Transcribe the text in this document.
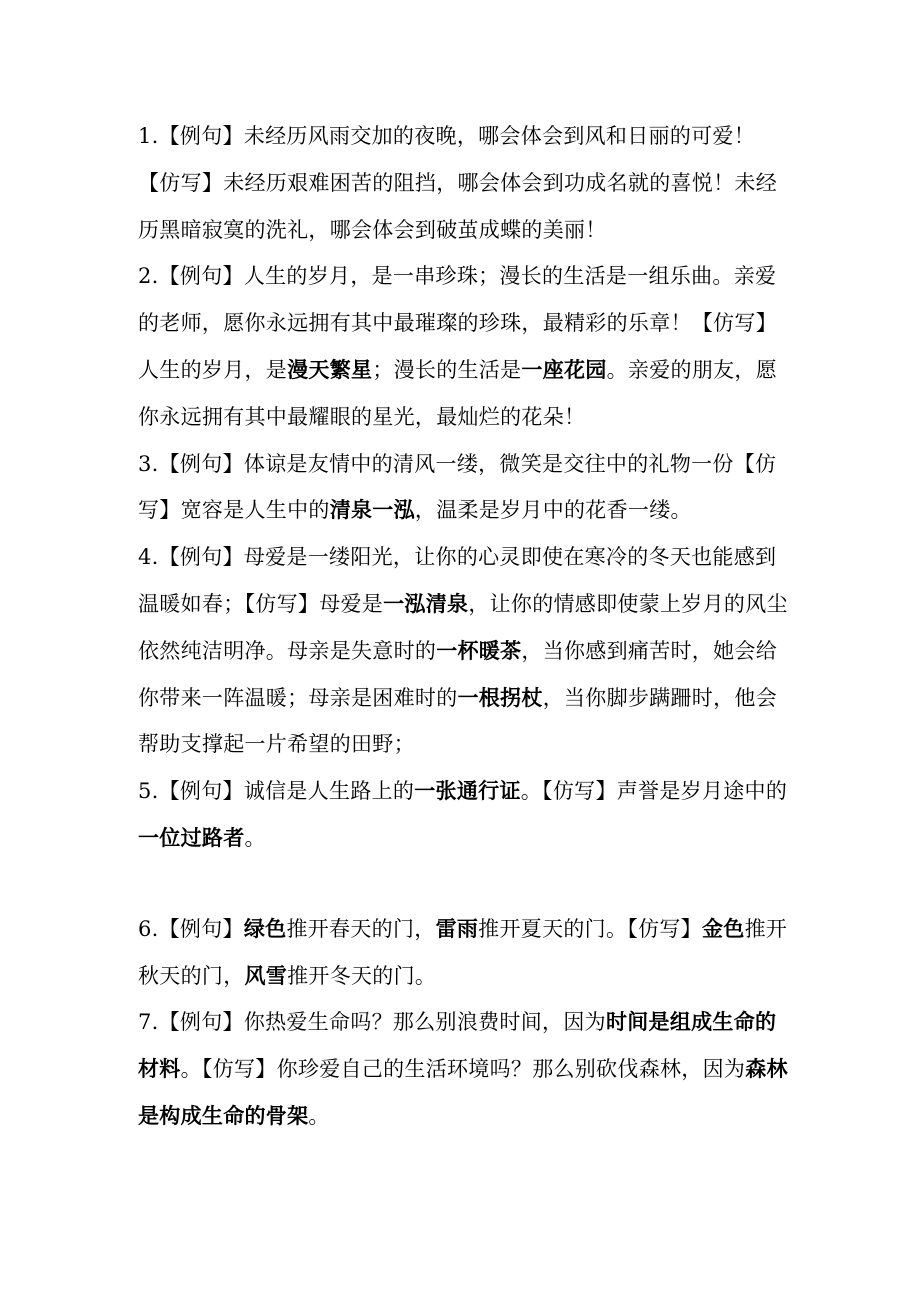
1.【例句】未经历风雨交加的夜晚，哪会体会到风和日丽的可爱！【仿写】未经历艰难困苦的阻挡，哪会体会到功成名就的喜悦！未经历黑暗寂寞的洗礼，哪会体会到破茧成蝶的美丽！

2.【例句】人生的岁月，是一串珍珠；漫长的生活是一组乐曲。亲爱的老师，愿你永远拥有其中最璀璨的珍珠，最精彩的乐章！【仿写】人生的岁月，是漫天繁星；漫长的生活是一座花园。亲爱的朋友，愿你永远拥有其中最耀眼的星光，最灿烂的花朵！

3.【例句】体谅是友情中的清风一缕，微笑是交往中的礼物一份【仿写】宽容是人生中的清泉一泓，温柔是岁月中的花香一缕。

4.【例句】母爱是一缕阳光，让你的心灵即使在寒冷的冬天也能感到温暖如春；【仿写】母爱是一泓清泉，让你的情感即使蒙上岁月的风尘依然纯洁明净。母亲是失意时的一杯暖茶，当你感到痛苦时，她会给你带来一阵温暖；母亲是困难时的一根拐杖，当你脚步蹒跚时，他会帮助支撑起一片希望的田野；

5.【例句】诚信是人生路上的一张通行证。【仿写】声誉是岁月途中的一位过路者。

6.【例句】绿色推开春天的门，雷雨推开夏天的门。【仿写】金色推开秋天的门，风雪推开冬天的门。

7.【例句】你热爱生命吗？那么别浪费时间，因为时间是组成生命的材料。【仿写】你珍爱自己的生活环境吗？那么别砍伐森林，因为森林是构成生命的骨架。
